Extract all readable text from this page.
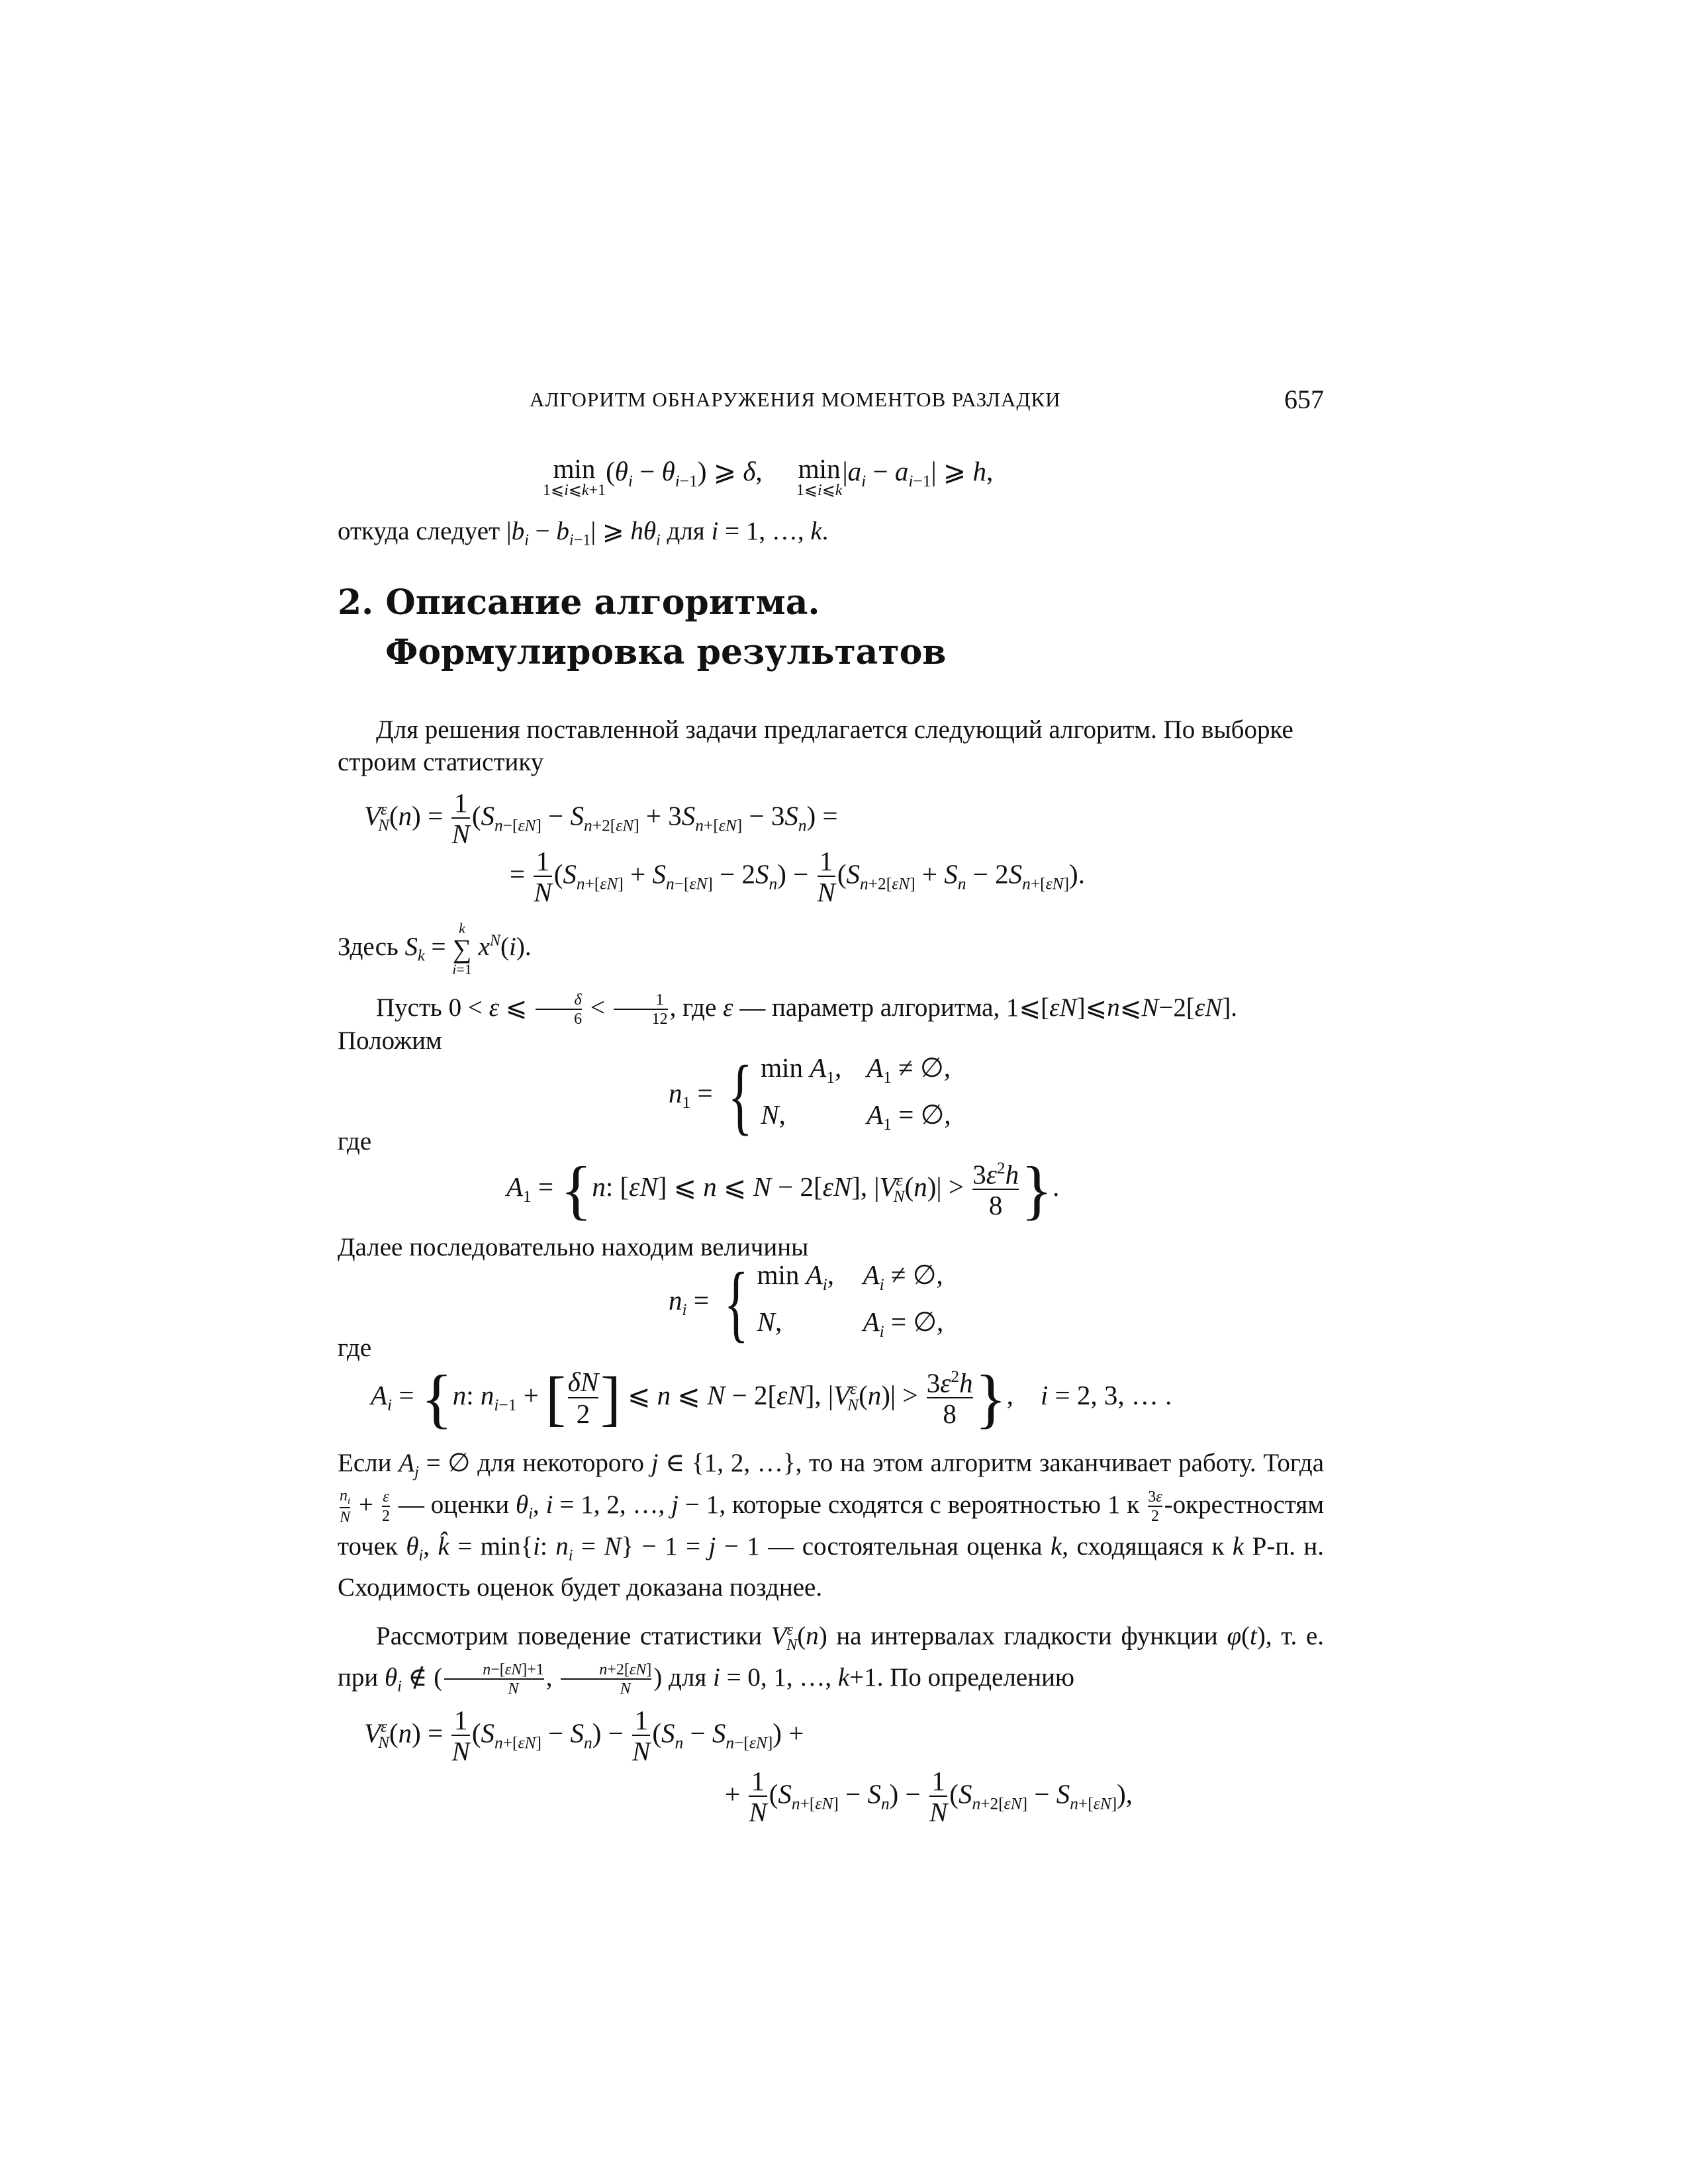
АЛГОРИТМ ОБНАРУЖЕНИЯ МОМЕНТОВ РАЗЛАДКИ	657
min
1⩽i⩽k+1
$(\theta_i - \theta_{i-1})$ ⩾ δ,     min
1⩽i⩽k
$|a_i - a_{i-1}|$ ⩾ h,
откуда следует $|b_i - b_{i-1}|$ ⩾ $h\theta_i$ для i = 1, …, k.
2. Описание алгоритма.
Формулировка результатов
Для решения поставленной задачи предлагается следующий алгоритм. По выборке строим статистику
$V^\varepsilon_N(n) = \frac{1}{N} (S_{n-[\varepsilon N]} - S_{n+2[\varepsilon N]} + 3S_{n+[\varepsilon N]} - 3S_n)$ =
= $\frac{1}{N} (S_{n+[\varepsilon N]} + S_{n-[\varepsilon N]} - 2S_n) - \frac{1}{N} (S_{n+2[\varepsilon N]} + S_n - 2S_{n+[\varepsilon N]})$.
Здесь $S_k$ =
k
∑
i=1
$x^N(i)$.
Пусть 0 < ε ⩽ $\frac{\delta}{6} < \frac{1}{12}$ , где ε — параметр алгоритма, 1⩽[εN]⩽n⩽N−2[εN].
Положим
$n_1$ = { $\min A_1$, $A_1$ ≠ ∅,
N,	$A_1$ = ∅,
где
$A_1 = \{n$: [εN] ⩽ n ⩽ N − 2[εN], $|V^\varepsilon_N(n)| > \frac{3\varepsilon^2h}{8}$ }.
Далее последовательно находим величины
$n_i$ = { $\min A_i$, $A_i$ ≠ ∅,
N,	$A_i$ = ∅,
где
$A_i = \{n$: $n_{i-1}$ + [ $\frac{\delta N}{2}$ ] ⩽ n ⩽ N − 2[εN], $|V^\varepsilon_N(n)| > \frac{3\varepsilon^2h}{8}$ },    i = 2, 3, … .
Если $A_j$ = ∅ для некоторого j ∈ {1, 2, …}, то на этом алгоритм заканчивает работу. Тогда
$\frac{n_i}{N} + \frac{\varepsilon}{2}$ — оценки $\theta_i$, i = 1, 2, …, j − 1, которые сходятся с вероятностью 1 к $\frac{3\varepsilon}{2}$ -окрестностям точек $\theta_i$, k̂ = min{i: $n_i = N\} - 1 = j - 1$ — состоятельная оценка k, сходящаяся к k Р-п. н. Сходимость оценок будет доказана позднее.
Рассмотрим поведение статистики $V^\varepsilon_N(n)$ на интервалах гладкости функции φ(t), т. е. при $\theta_i$ ∉ ( $\frac{n-[\varepsilon N]+1}{N}$ , $\frac{n+2[\varepsilon N]}{N}$ ) для i = 0, 1, …, k+1. По определению
$V^\varepsilon_N(n) = \frac{1}{N} (S_{n+[\varepsilon N]} - S_n) - \frac{1}{N} (S_n - S_{n-[\varepsilon N]})$ +
+ $\frac{1}{N} (S_{n+[\varepsilon N]} - S_n) - \frac{1}{N} (S_{n+2[\varepsilon N]} - S_{n+[\varepsilon N]})$,
